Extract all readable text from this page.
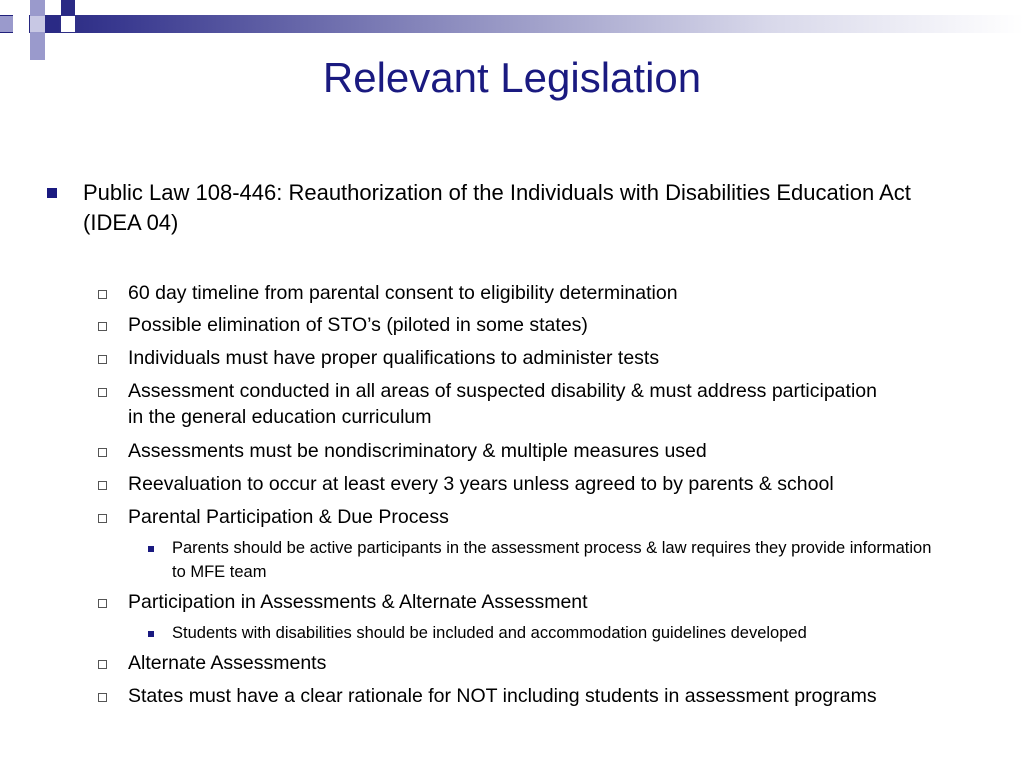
Relevant Legislation
Public Law 108-446: Reauthorization of the Individuals with Disabilities Education Act (IDEA 04)
60 day timeline from parental consent to eligibility determination
Possible elimination of STO’s (piloted in some states)
Individuals must have proper qualifications to administer tests
Assessment conducted in all areas of suspected disability & must address participation in the general education curriculum
Assessments must be nondiscriminatory & multiple measures used
Reevaluation to occur at least every 3 years unless agreed to by parents & school
Parental Participation & Due Process
Parents should be active participants in the assessment process & law requires they provide information to MFE team
Participation in Assessments & Alternate Assessment
Students with disabilities should be included and accommodation guidelines developed
Alternate Assessments
States must have a clear rationale for NOT including students in assessment programs
